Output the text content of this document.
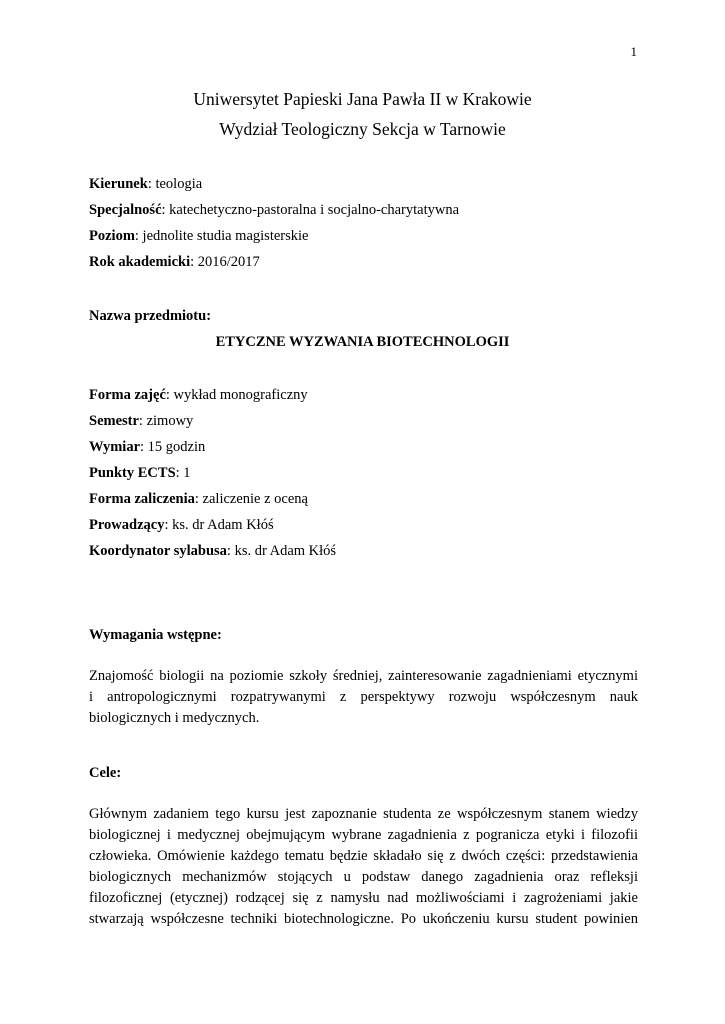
1
Uniwersytet Papieski Jana Pawła II w Krakowie
Wydział Teologiczny Sekcja w Tarnowie
Kierunek: teologia
Specjalność: katechetyczno-pastoralna i socjalno-charytatywna
Poziom: jednolite studia magisterskie
Rok akademicki: 2016/2017
Nazwa przedmiotu:
ETYCZNE WYZWANIA BIOTECHNOLOGII
Forma zajęć: wykład monograficzny
Semestr: zimowy
Wymiar: 15 godzin
Punkty ECTS: 1
Forma zaliczenia: zaliczenie z oceną
Prowadzący: ks. dr Adam Kłóś
Koordynator sylabusa: ks. dr Adam Kłóś
Wymagania wstępne:
Znajomość biologii na poziomie szkoły średniej, zainteresowanie zagadnieniami etycznymi
i antropologicznymi rozpatrywanymi z perspektywy rozwoju współczesnym nauk
biologicznych i medycznych.
Cele:
Głównym zadaniem tego kursu jest zapoznanie studenta ze współczesnym stanem wiedzy
biologicznej i medycznej obejmującym wybrane zagadnienia z pogranicza etyki i filozofii
człowieka. Omówienie każdego tematu będzie składało się z dwóch części: przedstawienia
biologicznych mechanizmów stojących u podstaw danego zagadnienia oraz refleksji
filozoficznej (etycznej) rodzącej się z namysłu nad możliwościami i zagrożeniami jakie
stwarzają współczesne techniki biotechnologiczne. Po ukończeniu kursu student powinien
